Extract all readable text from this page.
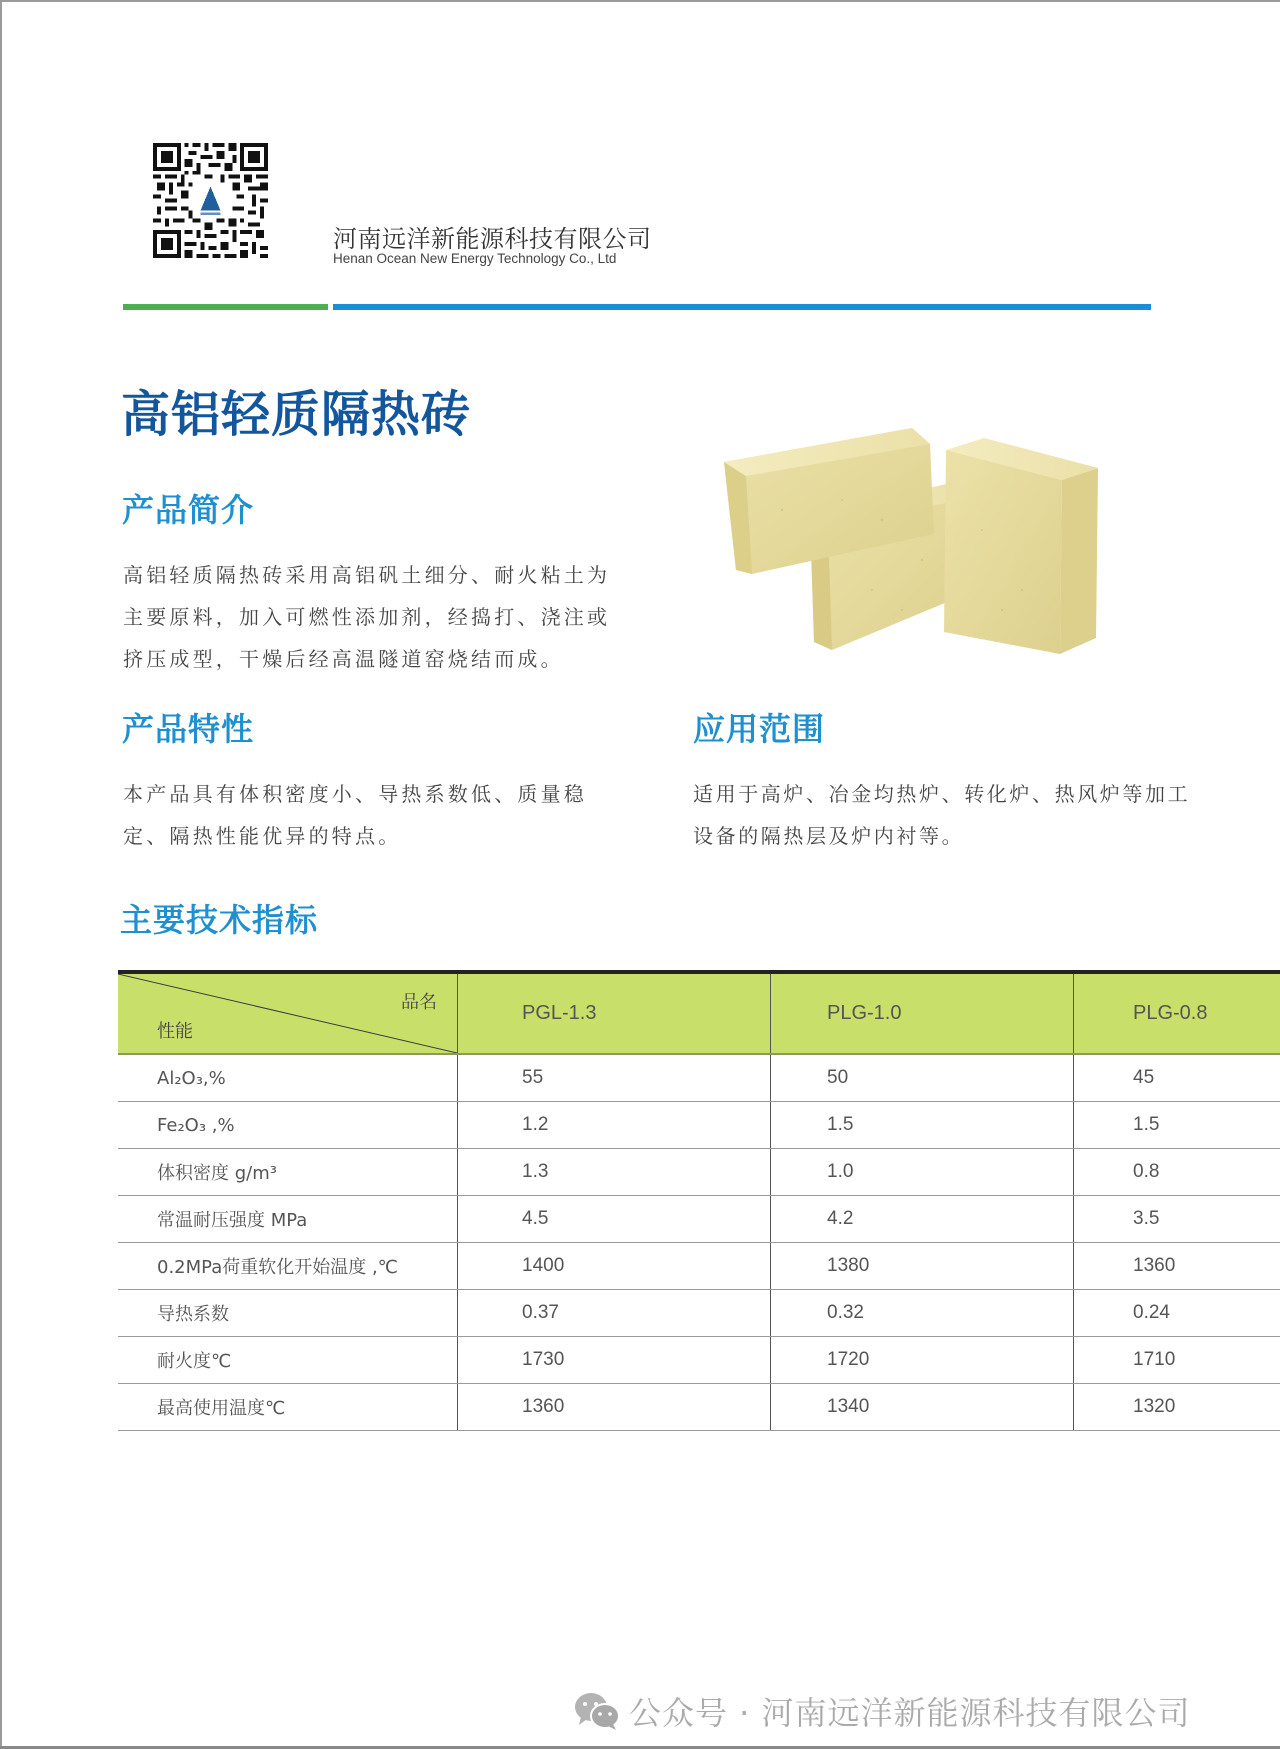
河南远洋新能源科技有限公司
Henan Ocean New Energy Technology Co., Ltd
高铝轻质隔热砖
产品简介
高铝轻质隔热砖采用高铝矾土细分、耐火粘土为
主要原料，加入可燃性添加剂，经捣打、浇注或
挤压成型，干燥后经高温隧道窑烧结而成。
产品特性
本产品具有体积密度小、导热系数低、质量稳
定、隔热性能优异的特点。
应用范围
适用于高炉、冶金均热炉、转化炉、热风炉等加工
设备的隔热层及炉内衬等。
主要技术指标
品名
性能	PGL-1.3	PLG-1.0	PLG-0.8
Al₂O₃,%	55	50	45
Fe₂O₃ ,%	1.2	1.5	1.5
体积密度 g/m³	1.3	1.0	0.8
常温耐压强度 MPa	4.5	4.2	3.5
0.2MPa荷重软化开始温度 ,℃	1400	1380	1360
导热系数	0.37	0.32	0.24
耐火度℃	1730	1720	1710
最高使用温度℃	1360	1340	1320
公众号 · 河南远洋新能源科技有限公司
